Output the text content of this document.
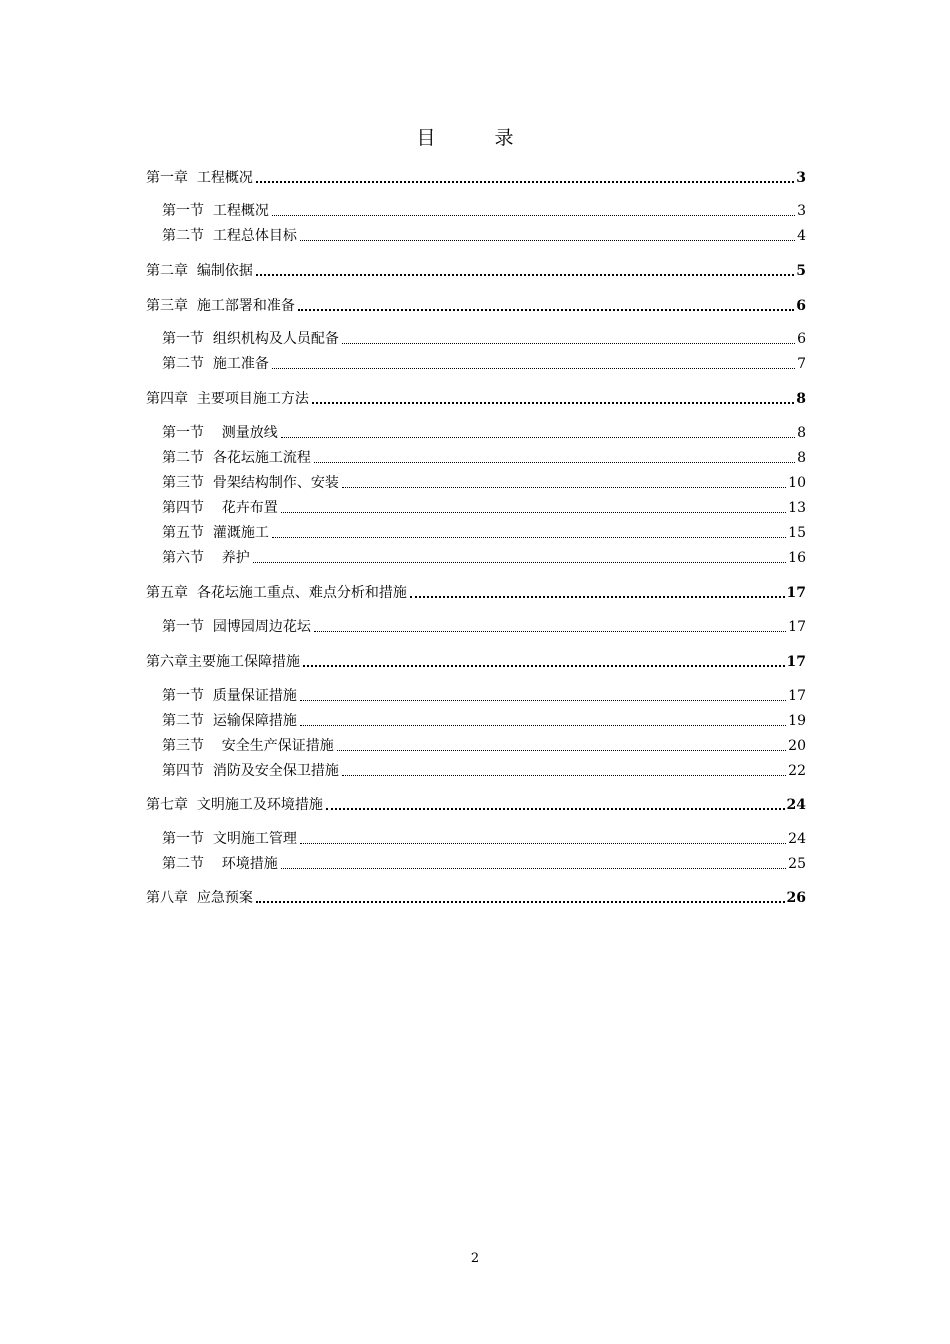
目　录
第一章  工程概况	3
第一节  工程概况	3
第二节  工程总体目标	4
第二章  编制依据	5
第三章  施工部署和准备	6
第一节  组织机构及人员配备	6
第二节  施工准备	7
第四章  主要项目施工方法	8
第一节    测量放线	8
第二节  各花坛施工流程	8
第三节  骨架结构制作、安装	10
第四节    花卉布置	13
第五节  灌溉施工	15
第六节    养护	16
第五章  各花坛施工重点、难点分析和措施	17
第一节  园博园周边花坛	17
第六章主要施工保障措施	17
第一节  质量保证措施	17
第二节  运输保障措施	19
第三节    安全生产保证措施	20
第四节  消防及安全保卫措施	22
第七章  文明施工及环境措施	24
第一节  文明施工管理	24
第二节    环境措施	25
第八章  应急预案	26
2
